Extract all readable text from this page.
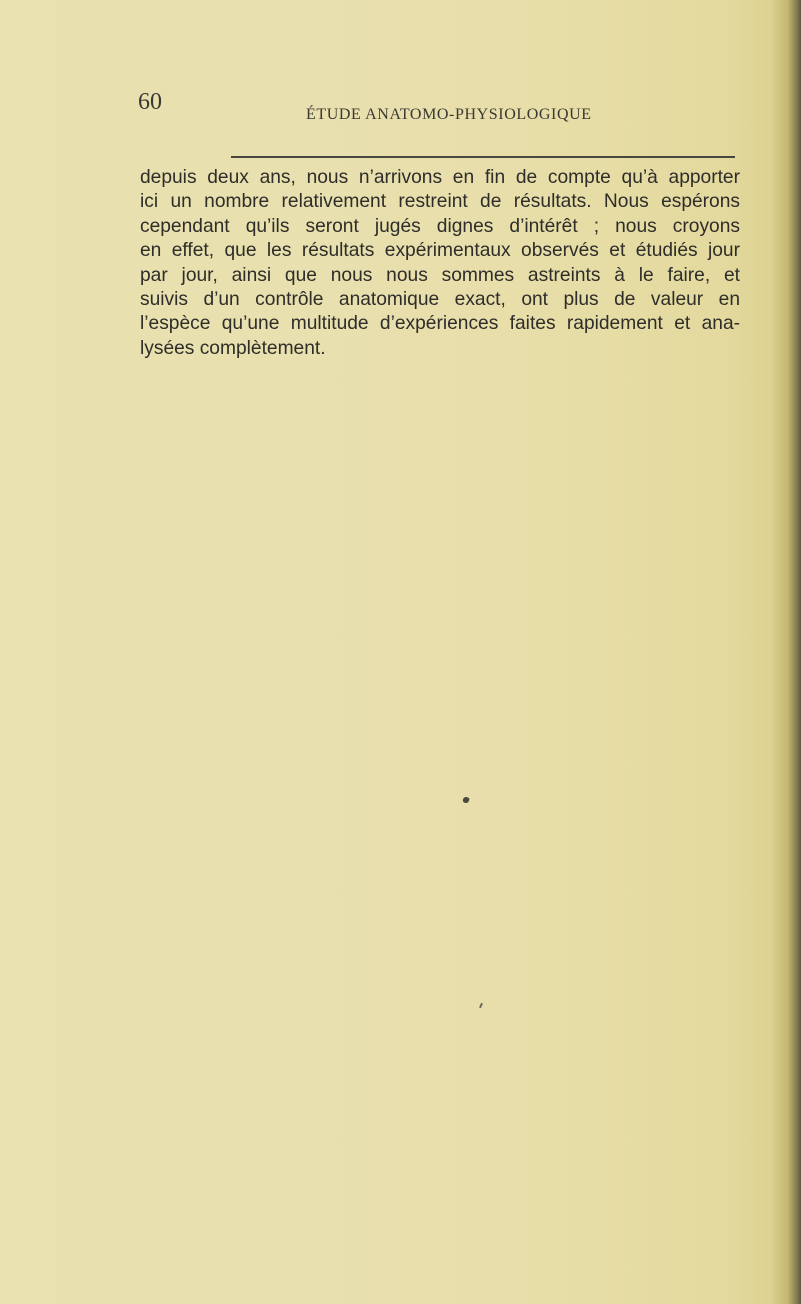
60	ÉTUDE ANATOMO-PHYSIOLOGIQUE
depuis deux ans, nous n’arrivons en fin de compte qu’à apporter
ici un nombre relativement restreint de résultats. Nous espérons
cependant qu’ils seront jugés dignes d’intérêt ; nous croyons
en effet, que les résultats expérimentaux observés et étudiés jour
par jour, ainsi que nous nous sommes astreints à le faire, et
suivis d’un contrôle anatomique exact, ont plus de valeur en
l’espèce qu’une multitude d’expériences faites rapidement et ana-
lysées complètement.
